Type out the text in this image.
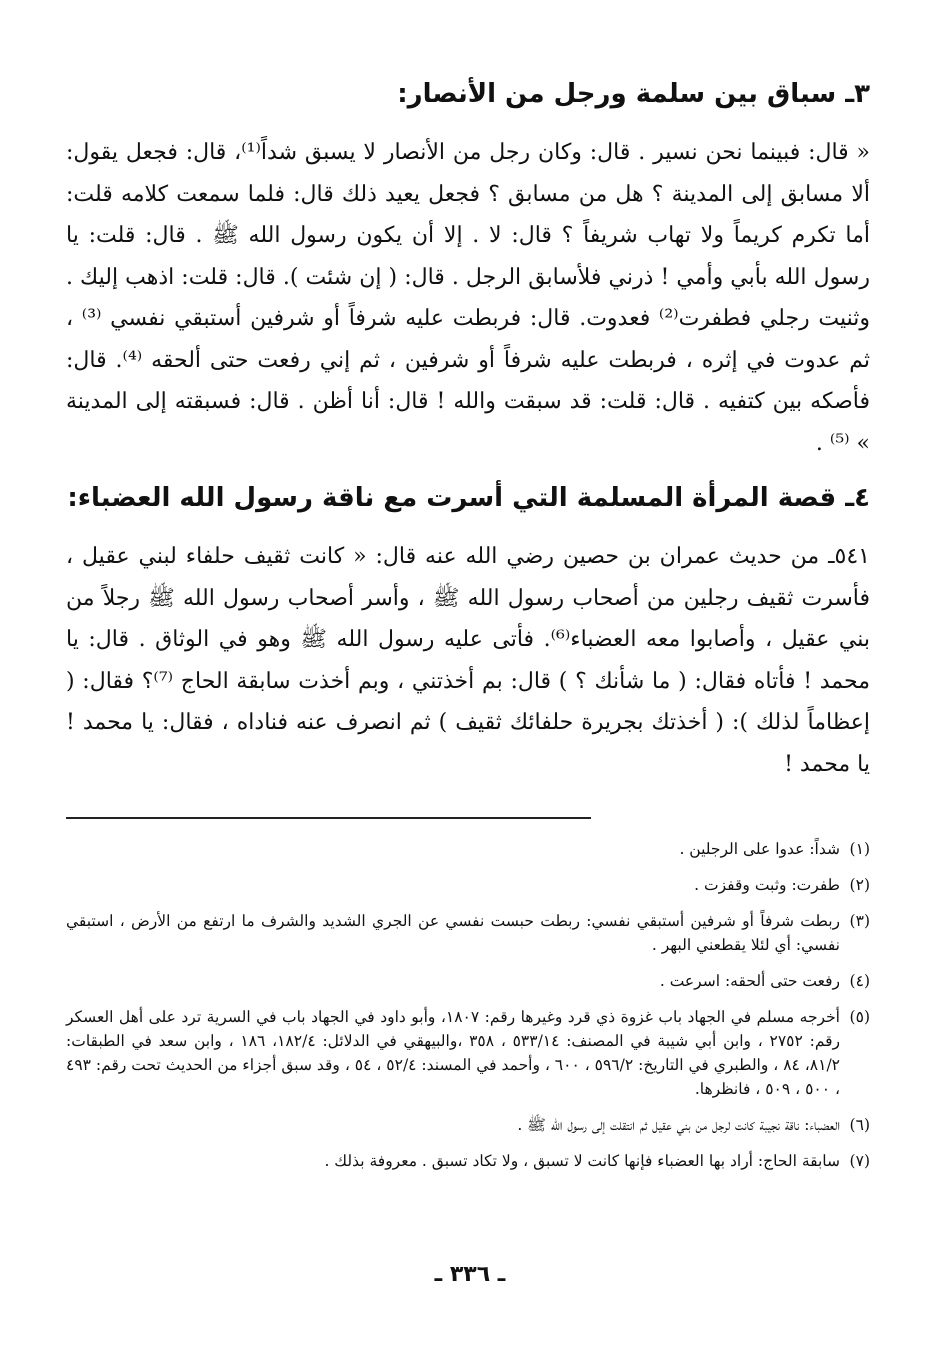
٣ـ سباق بين سلمة ورجل من الأنصار:

« قال: فبينما نحن نسير . قال: وكان رجل من الأنصار لا يسبق شداً⁽¹⁾، قال: فجعل يقول: ألا مسابق إلى المدينة ؟ هل من مسابق ؟ فجعل يعيد ذلك قال: فلما سمعت كلامه قلت: أما تكرم كريماً ولا تهاب شريفاً ؟ قال: لا . إلا أن يكون رسول الله ﷺ . قال: قلت: يا رسول الله بأبي وأمي ! ذرني فلأسابق الرجل . قال: ( إن شئت ). قال: قلت: اذهب إليك . وثنيت رجلي فطفرت⁽²⁾ فعدوت. قال: فربطت عليه شرفاً أو شرفين أستبقي نفسي ⁽³⁾ ، ثم عدوت في إثره ، فربطت عليه شرفاً أو شرفين ، ثم إني رفعت حتى ألحقه ⁽⁴⁾. قال: فأصكه بين كتفيه . قال: قلت: قد سبقت والله ! قال: أنا أظن . قال: فسبقته إلى المدينة » ⁽⁵⁾ .

٤ـ قصة المرأة المسلمة التي أسرت مع ناقة رسول الله العضباء:

٥٤١ـ من حديث عمران بن حصين رضي الله عنه قال: « كانت ثقيف حلفاء لبني عقيل ، فأسرت ثقيف رجلين من أصحاب رسول الله ﷺ ، وأسر أصحاب رسول الله ﷺ رجلاً من بني عقيل ، وأصابوا معه العضباء⁽⁶⁾. فأتى عليه رسول الله ﷺ وهو في الوثاق . قال: يا محمد ! فأتاه فقال: ( ما شأنك ؟ ) قال: بم أخذتني ، وبم أخذت سابقة الحاج ⁽⁷⁾؟ فقال: ( إعظاماً لذلك ): ( أخذتك بجريرة حلفائك ثقيف ) ثم انصرف عنه فناداه ، فقال: يا محمد ! يا محمد !

(١)
شداً: عدوا على الرجلين .
(٢)
طفرت: وثبت وقفزت .
(٣)
ربطت شرفاً أو شرفين أستبقي نفسي: ربطت حبست نفسي عن الجري الشديد والشرف ما ارتفع من الأرض ، استبقي نفسي: أي لئلا يقطعني البهر .
(٤)
رفعت حتى ألحقه: اسرعت .
(٥)
أخرجه مسلم في الجهاد باب غزوة ذي قرد وغيرها رقم: ١٨٠٧، وأبو داود في الجهاد باب في السرية ترد على أهل العسكر رقم: ٢٧٥٢ ، وابن أبي شيبة في المصنف: ٥٣٣/١٤ ، ٣٥٨ ،والبيهقي في الدلائل: ١٨٢/٤، ١٨٦ ، وابن سعد في الطبقات: ٨١/٢، ٨٤ ، والطبري في التاريخ: ٥٩٦/٢ ، ٦٠٠ ، وأحمد في المسند: ٥٢/٤ ، ٥٤ ، وقد سبق أجزاء من الحديث تحت رقم: ٤٩٣ ، ٥٠٠ ، ٥٠٩ ، فانظرها.
(٦)
العضباء: ناقة نجيبة كانت لرجل من بني عقيل ثم انتقلت إلى رسول الله ﷺ .
(٧)
سابقة الحاج: أراد بها العضباء فإنها كانت لا تسبق ، ولا تكاد تسبق . معروفة بذلك .
ـ ٣٣٦ ـ
